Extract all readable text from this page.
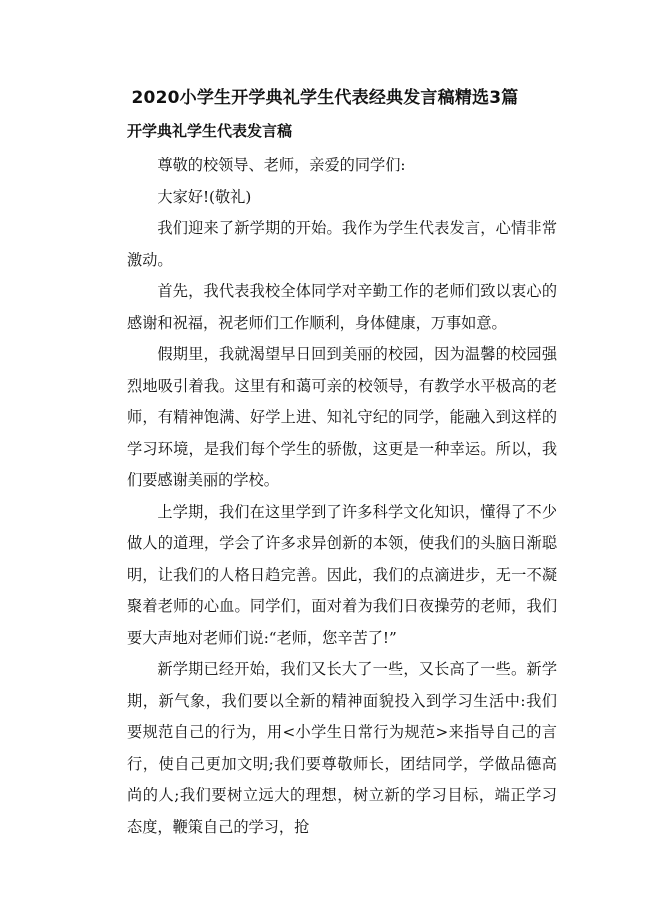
2020小学生开学典礼学生代表经典发言稿精选3篇
开学典礼学生代表发言稿

尊敬的校领导、老师，亲爱的同学们:

大家好!(敬礼)

我们迎来了新学期的开始。我作为学生代表发言，心情非常激动。

首先，我代表我校全体同学对辛勤工作的老师们致以衷心的感谢和祝福，祝老师们工作顺利，身体健康，万事如意。

假期里，我就渴望早日回到美丽的校园，因为温馨的校园强烈地吸引着我。这里有和蔼可亲的校领导，有教学水平极高的老师，有精神饱满、好学上进、知礼守纪的同学，能融入到这样的学习环境，是我们每个学生的骄傲，这更是一种幸运。所以，我们要感谢美丽的学校。

上学期，我们在这里学到了许多科学文化知识，懂得了不少做人的道理，学会了许多求异创新的本领，使我们的头脑日渐聪明，让我们的人格日趋完善。因此，我们的点滴进步，无一不凝聚着老师的心血。同学们，面对着为我们日夜操劳的老师，我们要大声地对老师们说:“老师，您辛苦了!”

新学期已经开始，我们又长大了一些，又长高了一些。新学期，新气象，我们要以全新的精神面貌投入到学习生活中:我们要规范自己的行为，用<小学生日常行为规范>来指导自己的言行，使自己更加文明;我们要尊敬师长，团结同学，学做品德高尚的人;我们要树立远大的理想，树立新的学习目标，端正学习态度，鞭策自己的学习，抢
